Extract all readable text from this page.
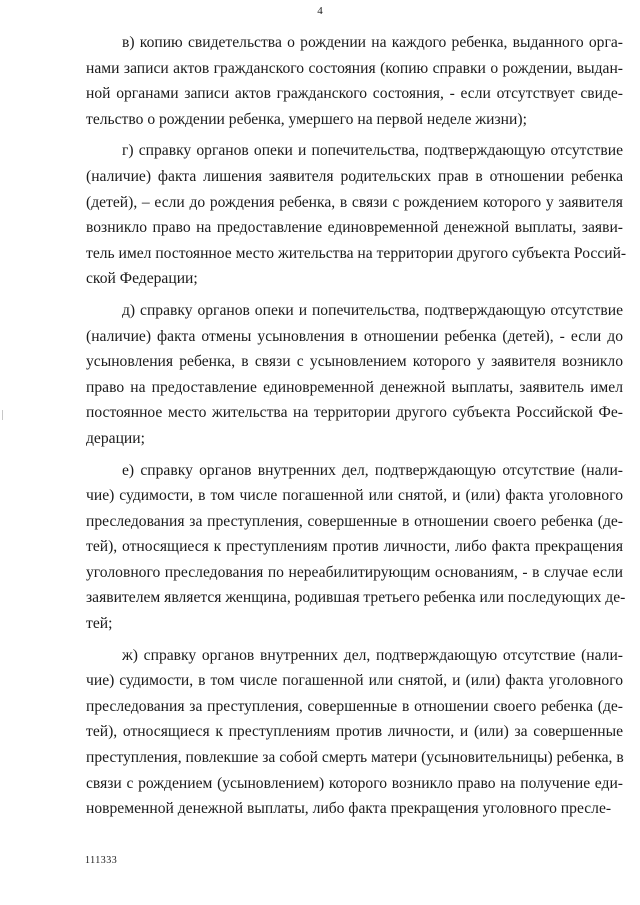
4
в) копию свидетельства о рождении на каждого ребенка, выданного орга-
нами записи актов гражданского состояния (копию справки о рождении, выдан-
ной органами записи актов гражданского состояния, - если отсутствует свиде-
тельство о рождении ребенка, умершего на первой неделе жизни);
г) справку органов опеки и попечительства, подтверждающую отсутствие
(наличие) факта лишения заявителя родительских прав в отношении ребенка
(детей), – если до рождения ребенка, в связи с рождением которого у заявителя
возникло право на предоставление единовременной денежной выплаты, заяви-
тель имел постоянное место жительства на территории другого субъекта Россий-
ской Федерации;
д) справку органов опеки и попечительства, подтверждающую отсутствие
(наличие) факта отмены усыновления в отношении ребенка (детей), - если до
усыновления ребенка, в связи с усыновлением которого у заявителя возникло
право на предоставление единовременной денежной выплаты, заявитель имел
постоянное место жительства на территории другого субъекта Российской Фе-
дерации;
е) справку органов внутренних дел, подтверждающую отсутствие (нали-
чие) судимости, в том числе погашенной или снятой, и (или) факта уголовного
преследования за преступления, совершенные в отношении своего ребенка (де-
тей), относящиеся к преступлениям против личности, либо факта прекращения
уголовного преследования по нереабилитирующим основаниям, - в случае если
заявителем является женщина, родившая третьего ребенка или последующих де-
тей;
ж) справку органов внутренних дел, подтверждающую отсутствие (нали-
чие) судимости, в том числе погашенной или снятой, и (или) факта уголовного
преследования за преступления, совершенные в отношении своего ребенка (де-
тей), относящиеся к преступлениям против личности, и (или) за совершенные
преступления, повлекшие за собой смерть матери (усыновительницы) ребенка, в
связи с рождением (усыновлением) которого возникло право на получение еди-
новременной денежной выплаты, либо факта прекращения уголовного пресле-
111333
